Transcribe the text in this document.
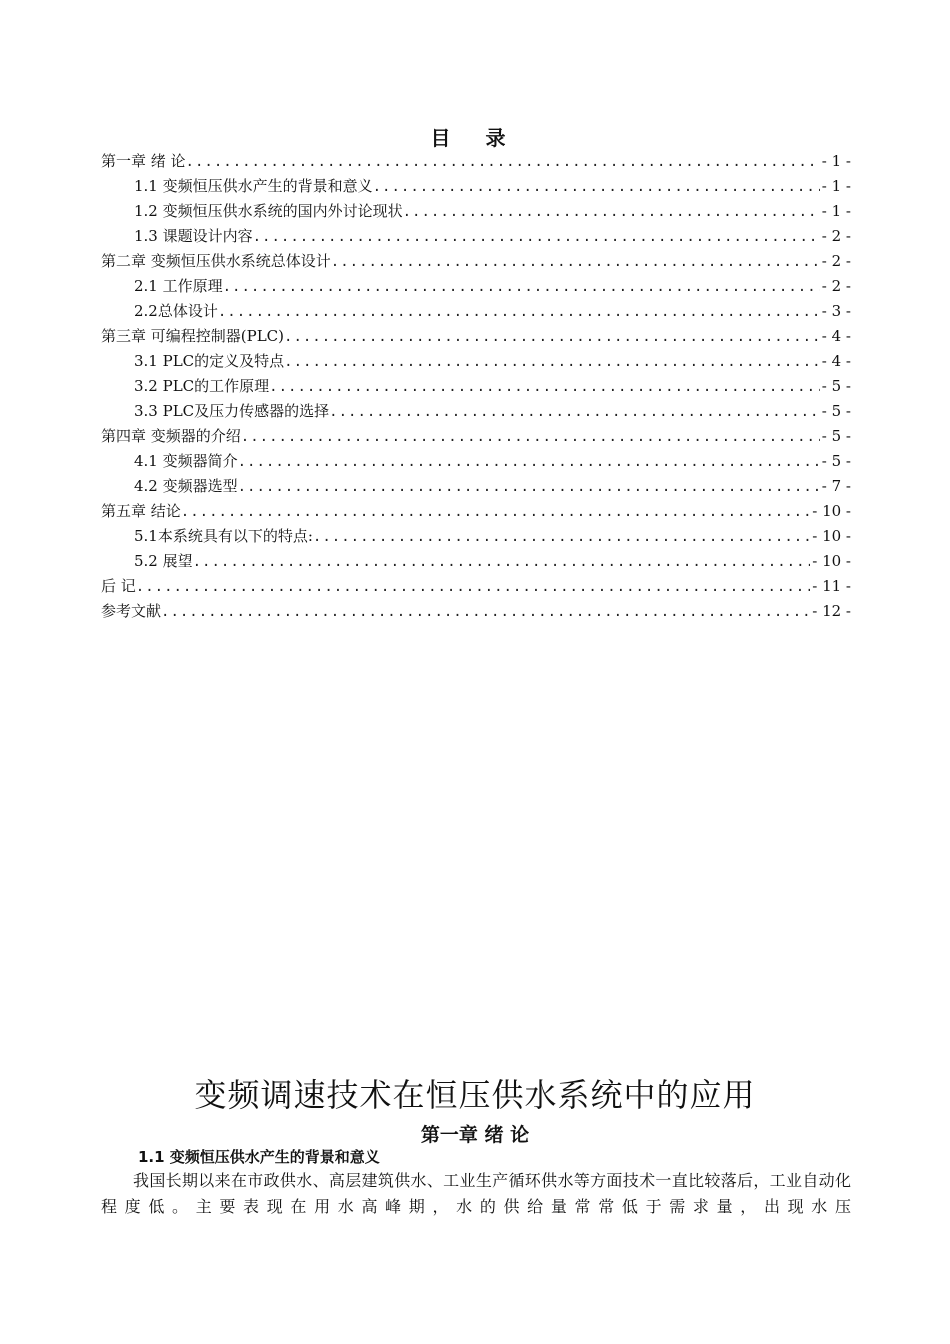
目 录
第一章 绪 论 .....	- 1 -
1.1 变频恒压供水产生的背景和意义 .....	- 1 -
1.2 变频恒压供水系统的国内外讨论现状 .....	- 1 -
1.3 课题设计内容 .....	- 2 -
第二章 变频恒压供水系统总体设计 .....	- 2 -
2.1 工作原理 .....	- 2 -
2.2总体设计 .....	- 3 -
第三章 可编程控制器(PLC) .....	- 4 -
3.1 PLC的定义及特点 .....	- 4 -
3.2 PLC的工作原理 .....	- 5 -
3.3 PLC及压力传感器的选择 .....	- 5 -
第四章 变频器的介绍 .....	- 5 -
4.1 变频器简介 .....	- 5 -
4.2 变频器选型 .....	- 7 -
第五章 结论 .....	- 10 -
5.1本系统具有以下的特点: .....	- 10 -
5.2 展望 .....	- 10 -
后 记 .....	- 11 -
参考文献 .....	- 12 -
变频调速技术在恒压供水系统中的应用
第一章 绪 论
1.1 变频恒压供水产生的背景和意义
我国长期以来在市政供水、高层建筑供水、工业生产循环供水等方面技术一直比较落后，工业自动化程度低。主要表现在用水高峰期，水的供给量常常低于需求量，出现水压
